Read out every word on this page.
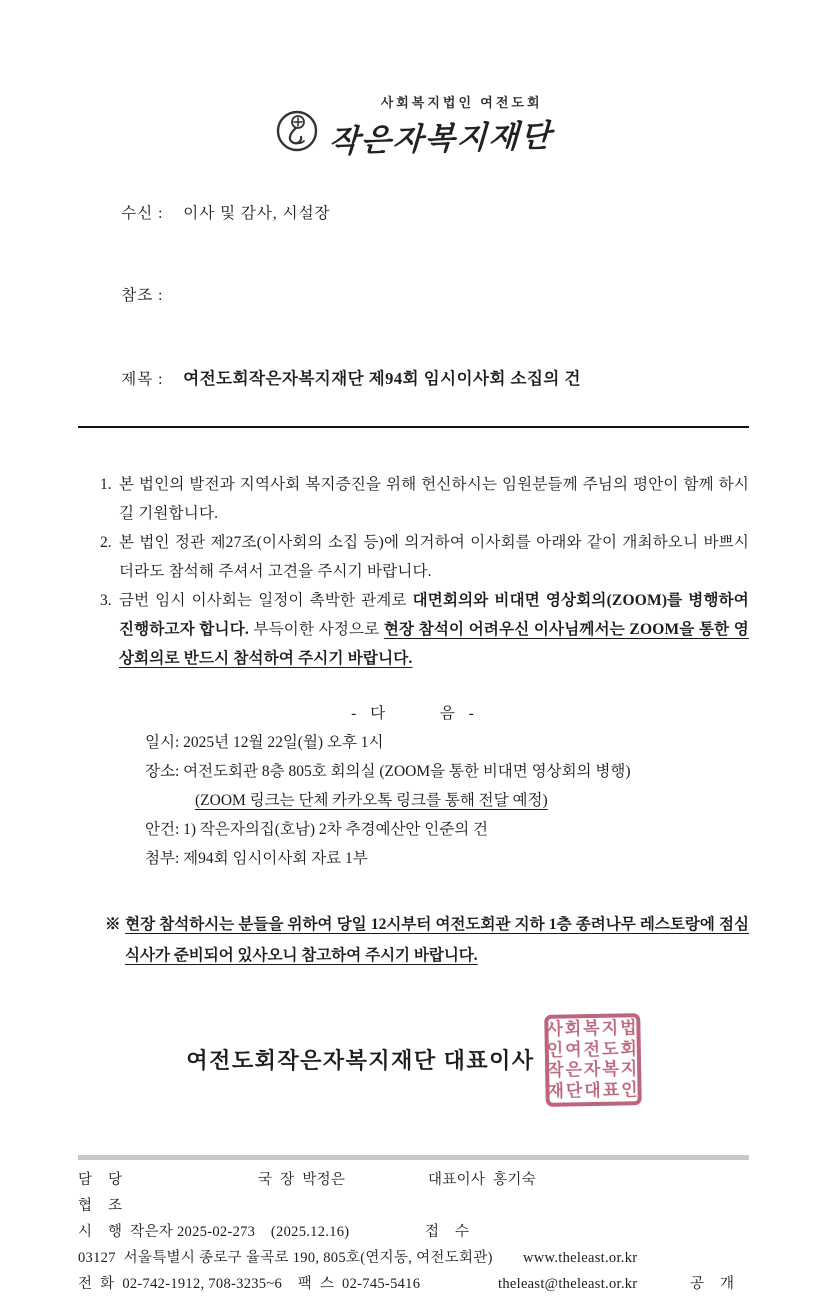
사회복지법인 여전도회
작은자복지재단

수신 : 이사 및 감사, 시설장

참조 :

제목 : 여전도회작은자복지재단 제94회 임시이사회 소집의 건

1. 본 법인의 발전과 지역사회 복지증진을 위해 헌신하시는 임원분들께 주님의 평안이 함께 하시길 기원합니다.
2. 본 법인 정관 제27조(이사회의 소집 등)에 의거하여 이사회를 아래와 같이 개최하오니 바쁘시더라도 참석해 주셔서 고견을 주시기 바랍니다.
3. 금번 임시 이사회는 일정이 촉박한 관계로 대면회의와 비대면 영상회의(ZOOM)를 병행하여 진행하고자 합니다. 부득이한 사정으로 현장 참석이 어려우신 이사님께서는 ZOOM을 통한 영상회의로 반드시 참석하여 주시기 바랍니다.
-  다         음  -
일시: 2025년 12월 22일(월) 오후 1시
장소: 여전도회관 8층 805호 회의실 (ZOOM을 통한 비대면 영상회의 병행)
(ZOOM 링크는 단체 카카오톡 링크를 통해 전달 예정)
안건: 1) 작은자의집(호남) 2차 추경예산안 인준의 건
첨부: 제94회 임시이사회 자료 1부
※ 현장 참석하시는 분들을 위하여 당일 12시부터 여전도회관 지하 1층 종려나무 레스토랑에 점심식사가 준비되어 있사오니 참고하여 주시기 바랍니다.
여전도회작은자복지재단 대표이사
사회복지법
인여전도회
작은자복지
재단대표인
담    당	국  장  박정은	대표이사  홍기숙
협    조
시    행  작은자 2025-02-273    (2025.12.16)	접    수
03127  서울특별시 종로구 율곡로 190, 805호(연지동, 여전도회관) www.theleast.or.kr
전  화  02-742-1912, 708-3235~6    팩  스  02-745-5416	theleast@theleast.or.kr	공    개
